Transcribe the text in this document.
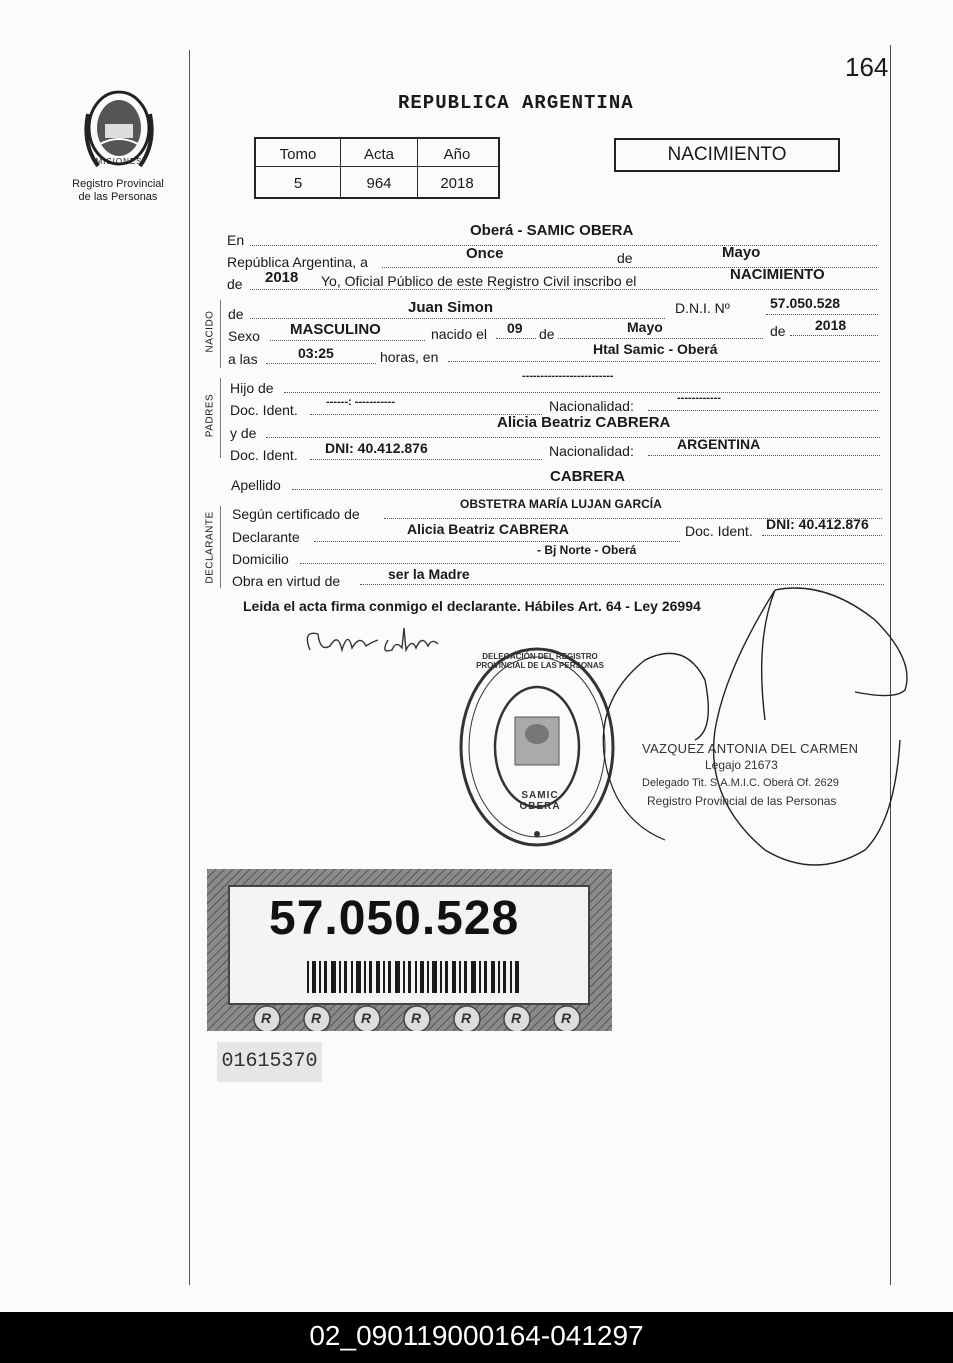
164
PROVINCIA DE
MISIONES
Registro Provincial
de las Personas
REPUBLICA ARGENTINA
Tomo	Acta	Año
5	964	2018
NACIMIENTO
En
Oberá - SAMIC OBERA
República Argentina, a	Once	de	Mayo
de 2018 Yo, Oficial Público de este Registro Civil inscribo el	NACIMIENTO
NACIDO de	Juan Simon	D.N.I. Nº	57.050.528
Sexo MASCULINO	nacido el 09 de	Mayo	de 2018
a las	03:25	horas, en	Htal Samic - Oberá
PADRES
Hijo de
-------------------------
Doc. Ident.	------: -----------	Nacionalidad:	------------
y de
Alicia Beatriz CABRERA
Doc. Ident. DNI: 40.412.876	Nacionalidad:	ARGENTINA
Apellido	CABRERA
DECLARANTE Según certificado de
OBSTETRA MARÍA LUJAN GARCÍA
Declarante	Alicia Beatriz CABRERA	Doc. Ident. DNI: 40.412.876
Domicilio
- Bj Norte - Oberá
Obra en virtud de	ser la Madre
Leida el acta firma conmigo el declarante. Hábiles Art. 64 - Ley 26994
DELEGACIÓN DEL REGISTRO PROVINCIAL DE LAS PERSONAS
SAMIC OBERA
VAZQUEZ ANTONIA DEL CARMEN
Legajo 21673
Delegado Tit. S.A.M.I.C. Oberá Of. 2629
Registro Provincial de las Personas
57.050.528
R	R	R	R	R	R	R
01615370
02_090119000164-041297
